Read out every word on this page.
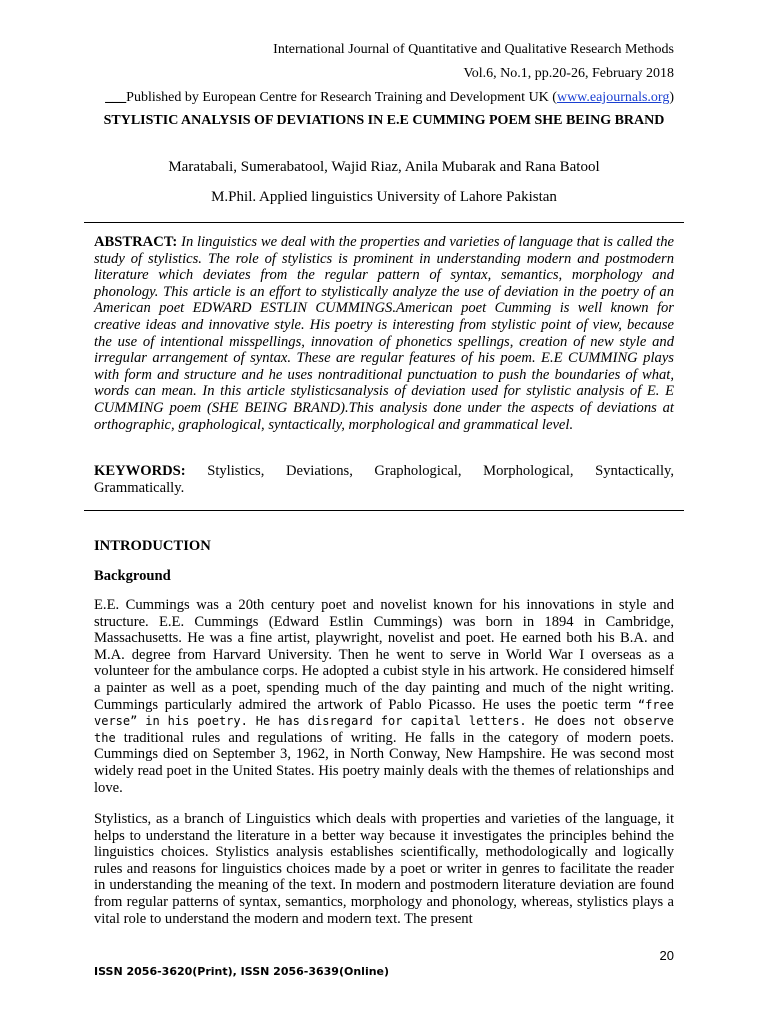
International Journal of Quantitative and Qualitative Research Methods
Vol.6, No.1, pp.20-26, February 2018
___Published by European Centre for Research Training and Development UK (www.eajournals.org)
STYLISTIC ANALYSIS OF DEVIATIONS IN E.E CUMMING POEM SHE BEING BRAND
Maratabali, Sumerabatool, Wajid Riaz, Anila Mubarak and Rana Batool
M.Phil. Applied linguistics University of Lahore Pakistan
ABSTRACT: In linguistics we deal with the properties and varieties of language that is called the study of stylistics. The role of stylistics is prominent in understanding modern and postmodern literature which deviates from the regular pattern of syntax, semantics, morphology and phonology. This article is an effort to stylistically analyze the use of deviation in the poetry of an American poet EDWARD ESTLIN CUMMINGS.American poet Cumming is well known for creative ideas and innovative style. His poetry is interesting from stylistic point of view, because the use of intentional misspellings, innovation of phonetics spellings, creation of new style and irregular arrangement of syntax. These are regular features of his poem. E.E CUMMING plays with form and structure and he uses nontraditional punctuation to push the boundaries of what, words can mean. In this article stylisticsanalysis of deviation used for stylistic analysis of E. E CUMMING poem (SHE BEING BRAND).This analysis done under the aspects of deviations at orthographic, graphological, syntactically, morphological and grammatical level.
KEYWORDS: Stylistics, Deviations, Graphological, Morphological, Syntactically, Grammatically.
INTRODUCTION
Background
E.E. Cummings was a 20th century poet and novelist known for his innovations in style and structure. E.E. Cummings (Edward Estlin Cummings) was born in 1894 in Cambridge, Massachusetts. He was a fine artist, playwright, novelist and poet. He earned both his B.A. and M.A. degree from Harvard University. Then he went to serve in World War I overseas as a volunteer for the ambulance corps. He adopted a cubist style in his artwork. He considered himself a painter as well as a poet, spending much of the day painting and much of the night writing. Cummings particularly admired the artwork of Pablo Picasso. He uses the poetic term “free verse” in his poetry. He has disregard for capital letters. He does not observe the traditional rules and regulations of writing. He falls in the category of modern poets. Cummings died on September 3, 1962, in North Conway, New Hampshire. He was second most widely read poet in the United States. His poetry mainly deals with the themes of relationships and love.
Stylistics, as a branch of Linguistics which deals with properties and varieties of the language, it helps to understand the literature in a better way because it investigates the principles behind the linguistics choices. Stylistics analysis establishes scientifically, methodologically and logically rules and reasons for linguistics choices made by a poet or writer in genres to facilitate the reader in understanding the meaning of the text. In modern and postmodern literature deviation are found from regular patterns of syntax, semantics, morphology and phonology, whereas, stylistics plays a vital role to understand the modern and modern text. The present
20
ISSN 2056-3620(Print), ISSN 2056-3639(Online)
